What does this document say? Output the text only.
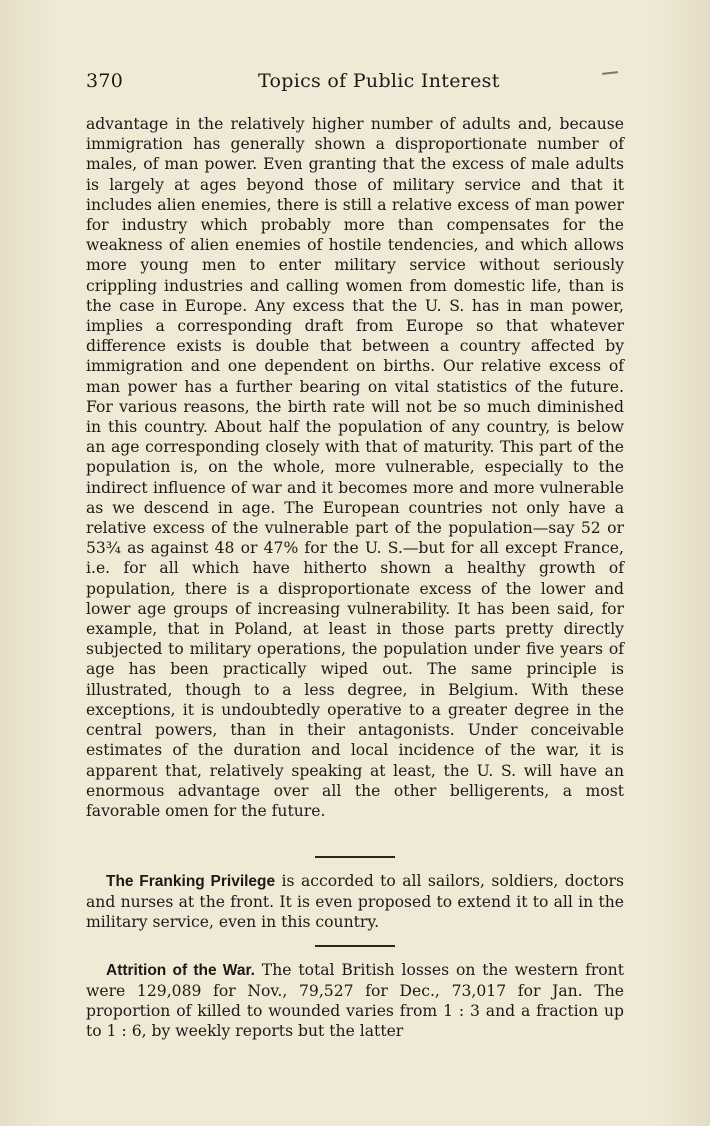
370	Topics of Public Interest

advantage in the relatively higher number of adults and, because immigration has generally shown a disproportionate number of males, of man power. Even granting that the excess of male adults is largely at ages beyond those of military service and that it includes alien enemies, there is still a relative excess of man power for industry which probably more than compensates for the weakness of alien enemies of hostile tendencies, and which allows more young men to enter military service without seriously crippling industries and calling women from domestic life, than is the case in Europe. Any excess that the U. S. has in man power, implies a corresponding draft from Europe so that whatever difference exists is double that between a country affected by immigration and one dependent on births. Our relative excess of man power has a further bearing on vital statistics of the future. For various reasons, the birth rate will not be so much diminished in this country. About half the population of any country, is below an age corresponding closely with that of maturity. This part of the population is, on the whole, more vulnerable, especially to the indirect influence of war and it becomes more and more vulnerable as we descend in age. The European countries not only have a relative excess of the vulnerable part of the population—say 52 or 53¾ as against 48 or 47% for the U. S.—but for all except France, i.e. for all which have hitherto shown a healthy growth of population, there is a disproportionate excess of the lower and lower age groups of increasing vulnerability. It has been said, for example, that in Poland, at least in those parts pretty directly subjected to military operations, the population under five years of age has been practically wiped out. The same principle is illustrated, though to a less degree, in Belgium. With these exceptions, it is undoubtedly operative to a greater degree in the central powers, than in their antagonists. Under conceivable estimates of the duration and local incidence of the war, it is apparent that, relatively speaking at least, the U. S. will have an enormous advantage over all the other belligerents, a most favorable omen for the future.

The Franking Privilege is accorded to all sailors, soldiers, doctors and nurses at the front. It is even proposed to extend it to all in the military service, even in this country.

Attrition of the War. The total British losses on the western front were 129,089 for Nov., 79,527 for Dec., 73,017 for Jan. The proportion of killed to wounded varies from 1 : 3 and a fraction up to 1 : 6, by weekly reports but the latter
